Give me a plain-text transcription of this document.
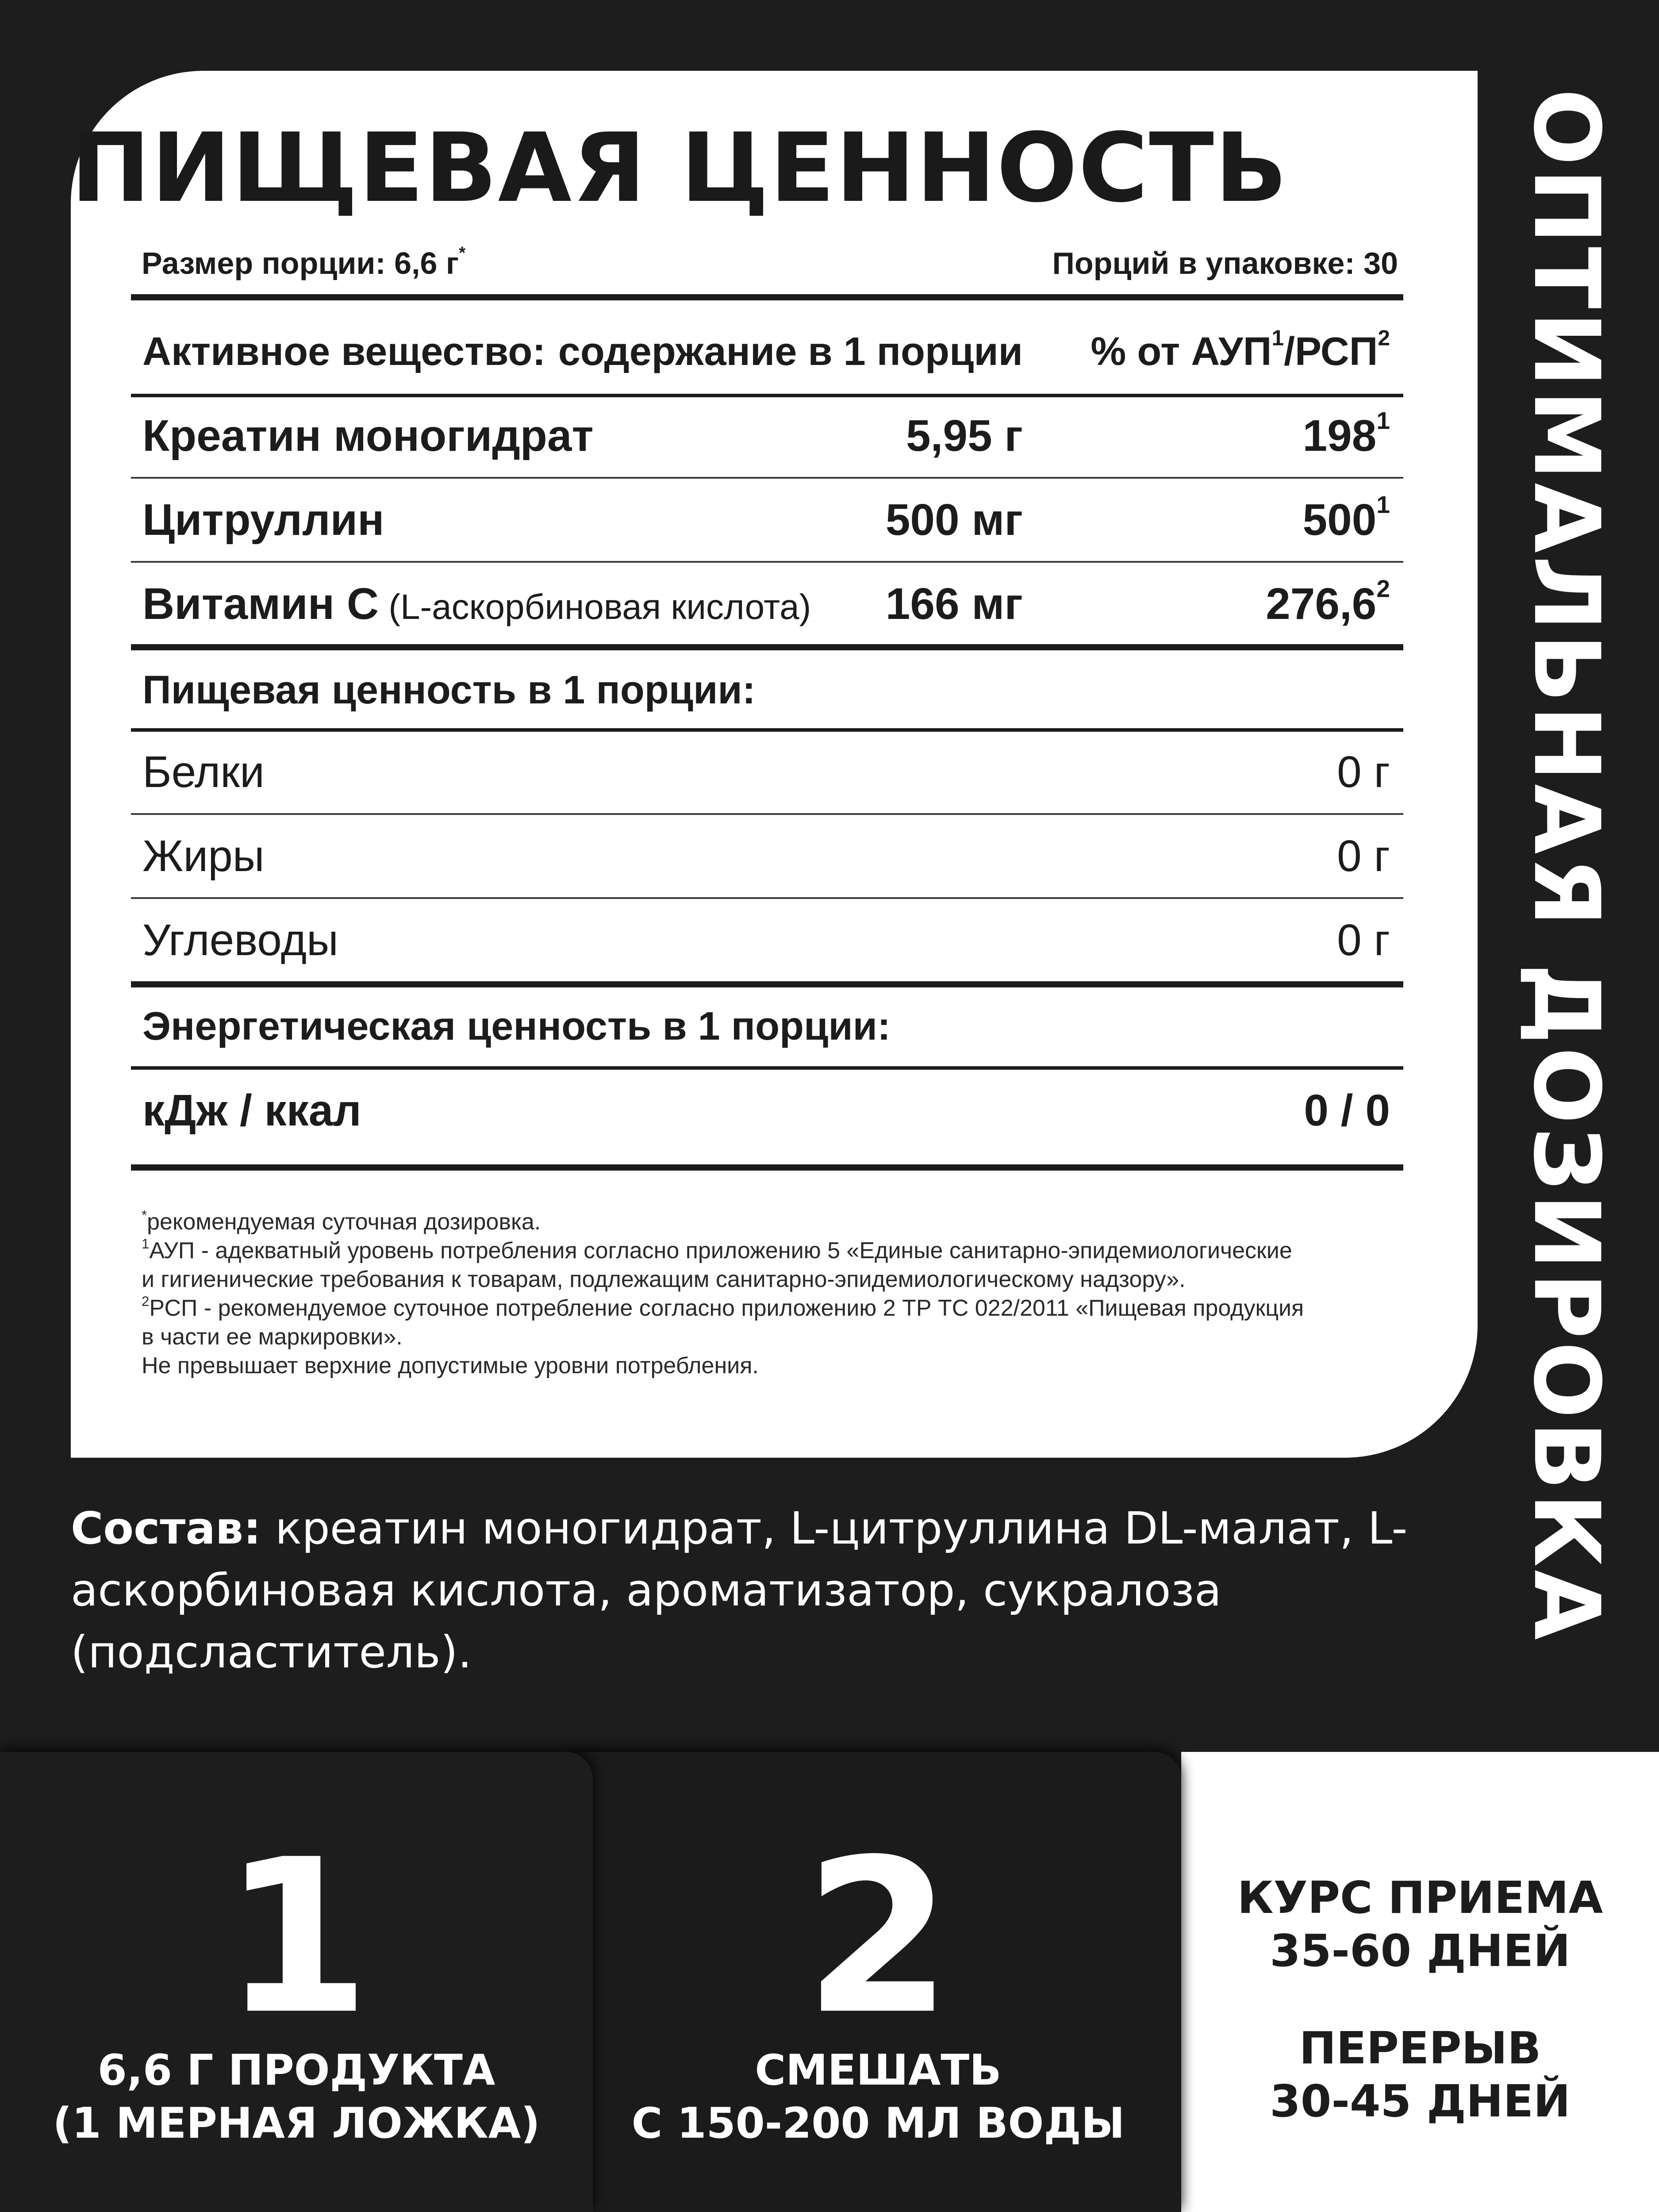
ПИЩЕВАЯ ЦЕННОСТЬ
Размер порции: 6,6 г*	Порций в упаковке: 30
Активное вещество: содержание в 1 порции % от АУП$^1$/РСП$^2$
Креатин моногидрат	5,95 г	$198^1$
Цитруллин	500 мг	$500^1$
Витамин С (L-аскорбиновая кислота) 166 мг	276,6$^2$
Пищевая ценность в 1 порции:
Белки	0 г
Жиры	0 г
Углеводы	0 г
Энергетическая ценность в 1 порции:
кДж / ккал	0 / 0
*рекомендуемая суточная дозировка.
$^1$АУП - адекватный уровень потребления согласно приложению 5 «Единые санитарно-эпидемиологические
и гигиенические требования к товарам, подлежащим санитарно-эпидемиологическому надзору».
$^2$РСП - рекомендуемое суточное потребление согласно приложению 2 ТР ТС 022/2011 «Пищевая продукция
в части ее маркировки».
Не превышает верхние допустимые уровни потребления.	ОПТИМАЛЬНАЯ ДОЗИРОВКА
Состав: креатин моногидрат, L-цитруллина DL-малат, L-аскорбиновая кислота, ароматизатор, сукралоза (подсластитель).
2
СМЕШАТЬ
С 150-200 МЛ ВОДЫ
1
6,6 Г ПРОДУКТА
(1 МЕРНАЯ ЛОЖКА)
КУРС ПРИЕМА
35-60 ДНЕЙ
ПЕРЕРЫВ
30-45 ДНЕЙ
